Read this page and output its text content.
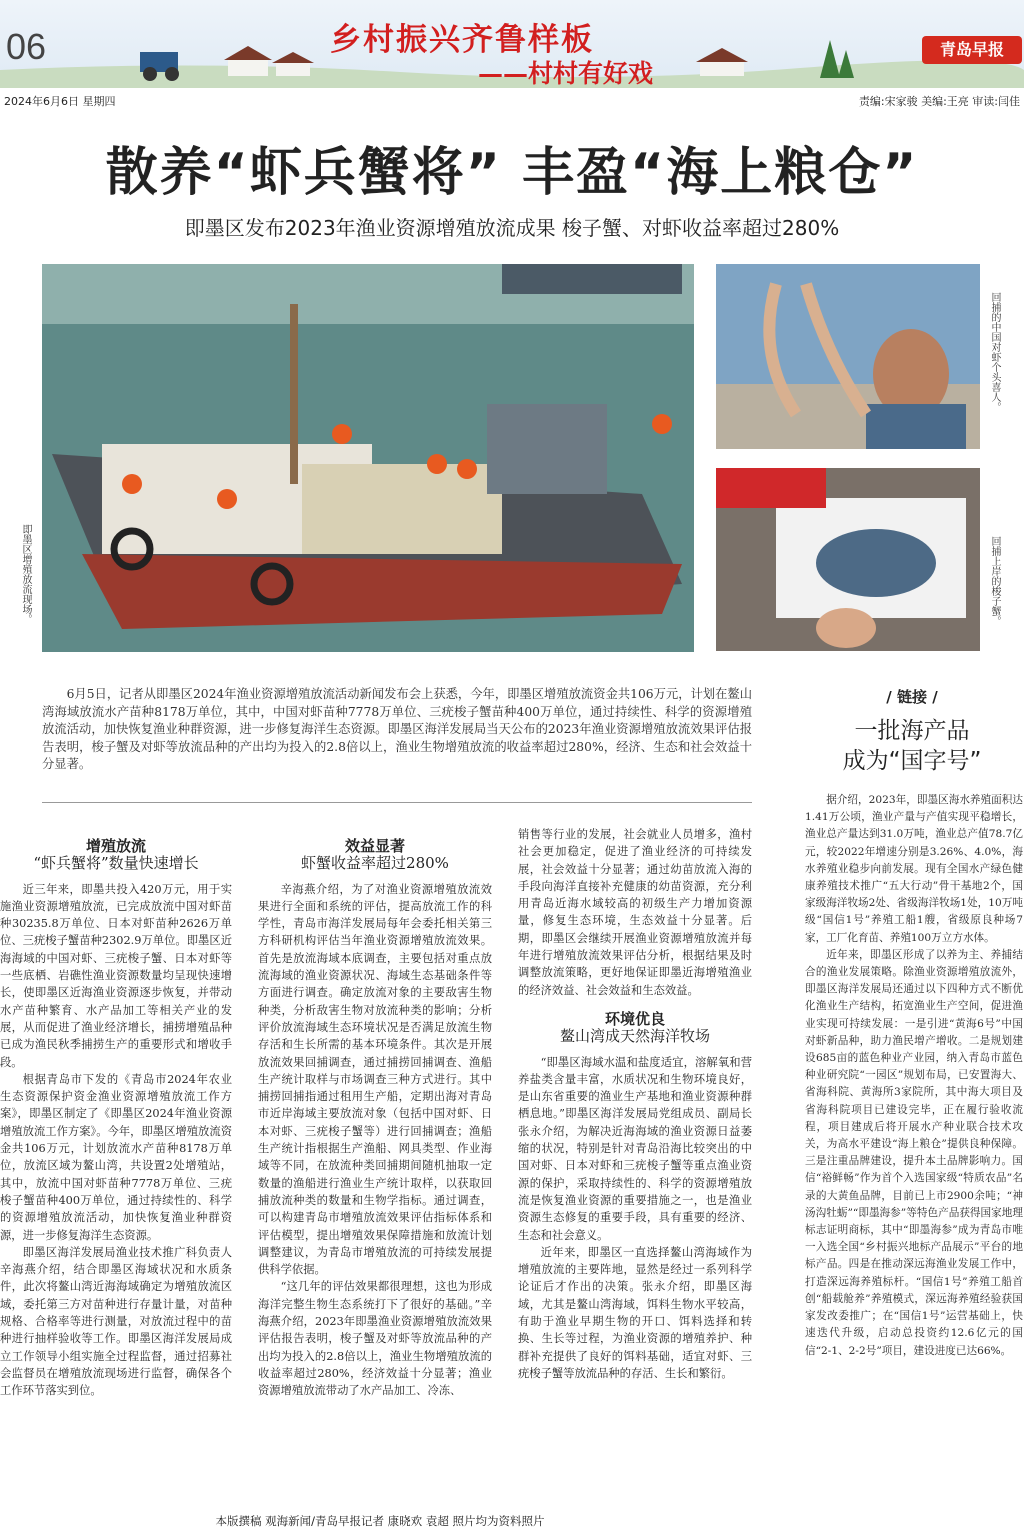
06	乡村振兴齐鲁样板
——村村有好戏
青岛早报
2024年6月6日 星期四	责编:宋家骏 美编:王亮 审读:闫佳
散养“虾兵蟹将” 丰盈“海上粮仓”
即墨区发布2023年渔业资源增殖放流成果 梭子蟹、对虾收益率超过280%
即墨区增殖放流现场。
回捕的中国对虾个头喜人。
回捕上岸的梭子蟹。
6月5日，记者从即墨区2024年渔业资源增殖放流活动新闻发布会上获悉，今年，即墨区增殖放流资金共106万元，计划在鳌山湾海域放流水产苗种8178万单位，其中，中国对虾苗种7778万单位、三疣梭子蟹苗种400万单位，通过持续性、科学的资源增殖放流活动，加快恢复渔业种群资源，进一步修复海洋生态资源。即墨区海洋发展局当天公布的2023年渔业资源增殖放流效果评估报告表明，梭子蟹及对虾等放流品种的产出均为投入的2.8倍以上，渔业生物增殖放流的收益率超过280%，经济、生态和社会效益十分显著。
增殖放流
“虾兵蟹将”数量快速增长

近三年来，即墨共投入420万元，用于实施渔业资源增殖放流，已完成放流中国对虾苗种30235.8万单位、日本对虾苗种2626万单位、三疣梭子蟹苗种2302.9万单位。即墨区近海海域的中国对虾、三疣梭子蟹、日本对虾等一些底栖、岩礁性渔业资源数量均呈现快速增长，使即墨区近海渔业资源逐步恢复，并带动水产苗种繁育、水产品加工等相关产业的发展，从而促进了渔业经济增长，捕捞增殖品种已成为渔民秋季捕捞生产的重要形式和增收手段。

根据青岛市下发的《青岛市2024年农业生态资源保护资金渔业资源增殖放流工作方案》，即墨区制定了《即墨区2024年渔业资源增殖放流工作方案》。今年，即墨区增殖放流资金共106万元，计划放流水产苗种8178万单位，放流区域为鳌山湾，共设置2处增殖站，其中，放流中国对虾苗种7778万单位、三疣梭子蟹苗种400万单位，通过持续性的、科学的资源增殖放流活动，加快恢复渔业种群资源，进一步修复海洋生态资源。

即墨区海洋发展局渔业技术推广科负责人辛海燕介绍，结合即墨区海域状况和水质条件，此次将鳌山湾近海海域确定为增殖放流区域，委托第三方对苗种进行存量计量，对苗种规格、合格率等进行测量，对放流过程中的苗种进行抽样验收等工作。即墨区海洋发展局成立工作领导小组实施全过程监督，通过招募社会监督员在增殖放流现场进行监督，确保各个工作环节落实到位。

效益显著
虾蟹收益率超过280%

辛海燕介绍，为了对渔业资源增殖放流效果进行全面和系统的评估，提高放流工作的科学性，青岛市海洋发展局每年会委托相关第三方科研机构评估当年渔业资源增殖放流效果。首先是放流海域本底调查，主要包括对重点放流海域的渔业资源状况、海域生态基础条件等方面进行调查。确定放流对象的主要敌害生物种类，分析敌害生物对放流种类的影响；分析评价放流海域生态环境状况是否满足放流生物存活和生长所需的基本环境条件。其次是开展放流效果回捕调查，通过捕捞回捕调查、渔船生产统计取样与市场调查三种方式进行。其中捕捞回捕指通过租用生产船，定期出海对青岛市近岸海域主要放流对象（包括中国对虾、日本对虾、三疣梭子蟹等）进行回捕调查；渔船生产统计指根据生产渔船、网具类型、作业海域等不同，在放流种类回捕期间随机抽取一定数量的渔船进行渔业生产统计取样，以获取回捕放流种类的数量和生物学指标。通过调查，可以构建青岛市增殖放流效果评估指标体系和评估模型，提出增殖效果保障措施和放流计划调整建议，为青岛市增殖放流的可持续发展提供科学依据。

“这几年的评估效果都很理想，这也为形成海洋完整生物生态系统打下了很好的基础。”辛海燕介绍，2023年即墨渔业资源增殖放流效果评估报告表明，梭子蟹及对虾等放流品种的产出均为投入的2.8倍以上，渔业生物增殖放流的收益率超过280%，经济效益十分显著；渔业资源增殖放流带动了水产品加工、冷冻、

销售等行业的发展，社会就业人员增多，渔村社会更加稳定，促进了渔业经济的可持续发展，社会效益十分显著；通过幼苗放流入海的手段向海洋直接补充健康的幼苗资源，充分利用青岛近海水域较高的初级生产力增加资源量，修复生态环境，生态效益十分显著。后期，即墨区会继续开展渔业资源增殖放流并每年进行增殖放流效果评估分析，根据结果及时调整放流策略，更好地保证即墨近海增殖渔业的经济效益、社会效益和生态效益。

环境优良
鳌山湾成天然海洋牧场

“即墨区海域水温和盐度适宜，溶解氧和营养盐类含量丰富，水质状况和生物环境良好，是山东省重要的渔业生产基地和渔业资源种群栖息地。”即墨区海洋发展局党组成员、副局长张永介绍，为解决近海海域的渔业资源日益萎缩的状况，特别是针对青岛沿海比较突出的中国对虾、日本对虾和三疣梭子蟹等重点渔业资源的保护，采取持续性的、科学的资源增殖放流是恢复渔业资源的重要措施之一，也是渔业资源生态修复的重要手段，具有重要的经济、生态和社会意义。

近年来，即墨区一直选择鳌山湾海域作为增殖放流的主要阵地，显然是经过一系列科学论证后才作出的决策。张永介绍，即墨区海域，尤其是鳌山湾海域，饵料生物水平较高，有助于渔业早期生物的开口、饵料选择和转换、生长等过程，为渔业资源的增殖养护、种群补充提供了良好的饵料基础，适宜对虾、三疣梭子蟹等放流品种的存活、生长和繁衍。

/ 链接 /
一批海产品
成为“国字号”

据介绍，2023年，即墨区海水养殖面积达1.41万公顷，渔业产量与产值实现平稳增长，渔业总产量达到31.0万吨，渔业总产值78.7亿元，较2022年增速分别是3.26%、4.0%，海水养殖业稳步向前发展。现有全国水产绿色健康养殖技术推广“五大行动”骨干基地2个，国家级海洋牧场2处、省级海洋牧场1处，10万吨级“国信1号”养殖工船1艘，省级原良种场7家，工厂化育苗、养殖100万立方水体。

近年来，即墨区形成了以养为主、养捕结合的渔业发展策略。除渔业资源增殖放流外，即墨区海洋发展局还通过以下四种方式不断优化渔业生产结构，拓宽渔业生产空间，促进渔业实现可持续发展：一是引进“黄海6号”中国对虾新品种，助力渔民增产增收。二是规划建设685亩的蓝色种业产业园，纳入青岛市蓝色种业研究院“一园区”规划布局，已安置海大、省海科院、黄海所3家院所，其中海大项目及省海科院项目已建设完毕，正在履行验收流程，项目建成后将开展水产种业联合技术攻关，为高水平建设“海上粮仓”提供良种保障。三是注重品牌建设，提升本土品牌影响力。国信“裕鲜畅”作为首个入选国家级“特质农品”名录的大黄鱼品牌，目前已上市2900余吨；“神汤沟牡蛎”“即墨海参”等特色产品获得国家地理标志证明商标，其中“即墨海参”成为青岛市唯一入选全国“乡村振兴地标产品展示”平台的地标产品。四是在推动深远海渔业发展工作中，打造深远海养殖标杆。“国信1号”养殖工船首创“船载舱养”养殖模式，深远海养殖经验获国家发改委推广；在“国信1号”运营基础上，快速迭代升级，启动总投资约12.6亿元的国信“2-1、2-2号”项目，建设进度已达66%。

本版撰稿 观海新闻/青岛早报记者 康晓欢 袁超 照片均为资料照片
